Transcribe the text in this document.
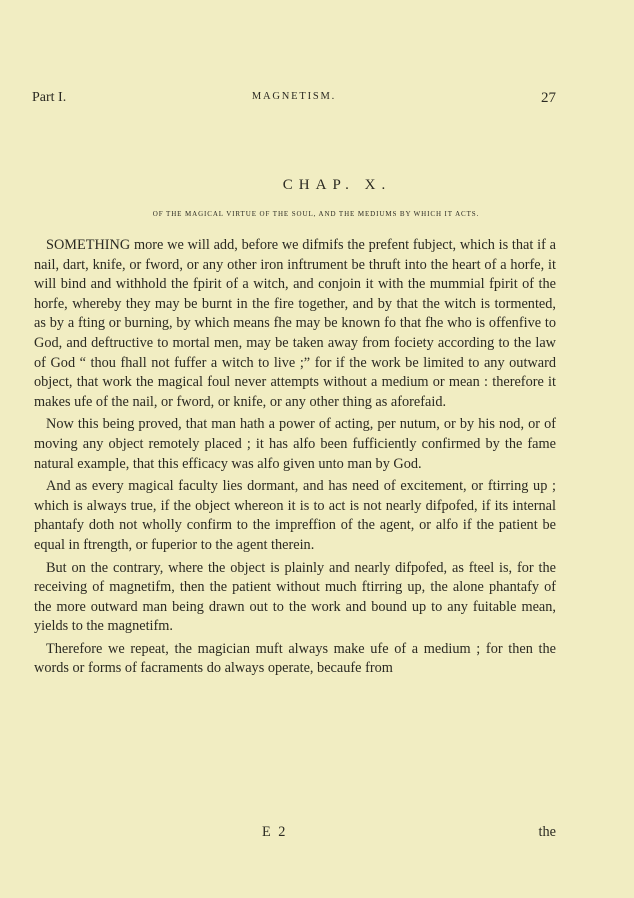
Part I.	MAGNETISM.	27
CHAP. X.
OF THE MAGICAL VIRTUE OF THE SOUL, AND THE MEDIUMS BY WHICH IT ACTS.

SOMETHING more we will add, before we difmifs the prefent fubject, which is that if a nail, dart, knife, or fword, or any other iron inftrument be thruft into the heart of a horfe, it will bind and withhold the fpirit of a witch, and conjoin it with the mummial fpirit of the horfe, whereby they may be burnt in the fire together, and by that the witch is tormented, as by a fting or burning, by which means fhe may be known fo that fhe who is offenfive to God, and deftructive to mortal men, may be taken away from fociety according to the law of God “ thou fhall not fuffer a witch to live ;” for if the work be limited to any outward object, that work the magical foul never attempts without a medium or mean : therefore it makes ufe of the nail, or fword, or knife, or any other thing as aforefaid.

Now this being proved, that man hath a power of acting, per nutum, or by his nod, or of moving any object remotely placed ; it has alfo been fufficiently confirmed by the fame natural example, that this efficacy was alfo given unto man by God.

And as every magical faculty lies dormant, and has need of excitement, or ftirring up ; which is always true, if the object whereon it is to act is not nearly difpofed, if its internal phantafy doth not wholly confirm to the impreffion of the agent, or alfo if the patient be equal in ftrength, or fuperior to the agent therein.

But on the contrary, where the object is plainly and nearly difpofed, as fteel is, for the receiving of magnetifm, then the patient without much ftirring up, the alone phantafy of the more outward man being drawn out to the work and bound up to any fuitable mean, yields to the magnetifm.

Therefore we repeat, the magician muft always make ufe of a medium ; for then the words or forms of facraments do always operate, becaufe from

E 2	the
